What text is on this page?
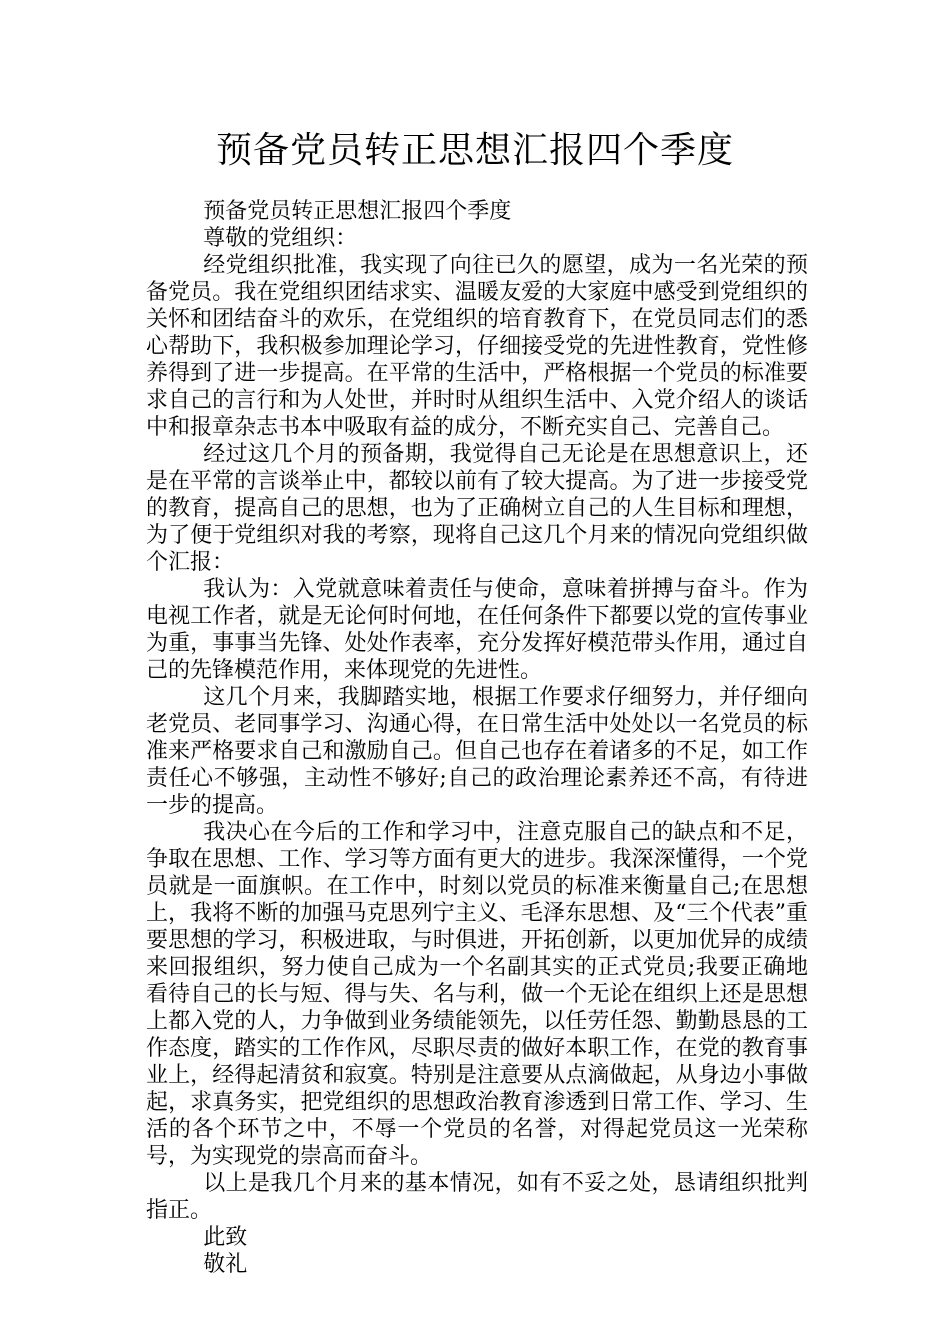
预备党员转正思想汇报四个季度

预备党员转正思想汇报四个季度

尊敬的党组织：

经党组织批准，我实现了向往已久的愿望，成为一名光荣的预备党员。我在党组织团结求实、温暖友爱的大家庭中感受到党组织的关怀和团结奋斗的欢乐，在党组织的培育教育下，在党员同志们的悉心帮助下，我积极参加理论学习，仔细接受党的先进性教育，党性修养得到了进一步提高。在平常的生活中，严格根据一个党员的标准要求自己的言行和为人处世，并时时从组织生活中、入党介绍人的谈话中和报章杂志书本中吸取有益的成分，不断充实自己、完善自己。

经过这几个月的预备期，我觉得自己无论是在思想意识上，还是在平常的言谈举止中，都较以前有了较大提高。为了进一步接受党的教育，提高自己的思想，也为了正确树立自己的人生目标和理想，为了便于党组织对我的考察，现将自己这几个月来的情况向党组织做个汇报：

我认为：入党就意味着责任与使命，意味着拼搏与奋斗。作为电视工作者，就是无论何时何地，在任何条件下都要以党的宣传事业为重，事事当先锋、处处作表率，充分发挥好模范带头作用，通过自己的先锋模范作用，来体现党的先进性。

这几个月来，我脚踏实地，根据工作要求仔细努力，并仔细向老党员、老同事学习、沟通心得，在日常生活中处处以一名党员的标准来严格要求自己和激励自己。但自己也存在着诸多的不足，如工作责任心不够强，主动性不够好;自己的政治理论素养还不高，有待进一步的提高。

我决心在今后的工作和学习中，注意克服自己的缺点和不足，争取在思想、工作、学习等方面有更大的进步。我深深懂得，一个党员就是一面旗帜。在工作中，时刻以党员的标准来衡量自己;在思想上，我将不断的加强马克思列宁主义、毛泽东思想、及“三个代表”重要思想的学习，积极进取，与时俱进，开拓创新，以更加优异的成绩来回报组织，努力使自己成为一个名副其实的正式党员;我要正确地看待自己的长与短、得与失、名与利，做一个无论在组织上还是思想上都入党的人，力争做到业务绩能领先，以任劳任怨、勤勤恳恳的工作态度，踏实的工作作风，尽职尽责的做好本职工作，在党的教育事业上，经得起清贫和寂寞。特别是注意要从点滴做起，从身边小事做起，求真务实，把党组织的思想政治教育渗透到日常工作、学习、生活的各个环节之中，不辱一个党员的名誉，对得起党员这一光荣称号，为实现党的崇高而奋斗。

以上是我几个月来的基本情况，如有不妥之处，恳请组织批判指正。

此致

敬礼
